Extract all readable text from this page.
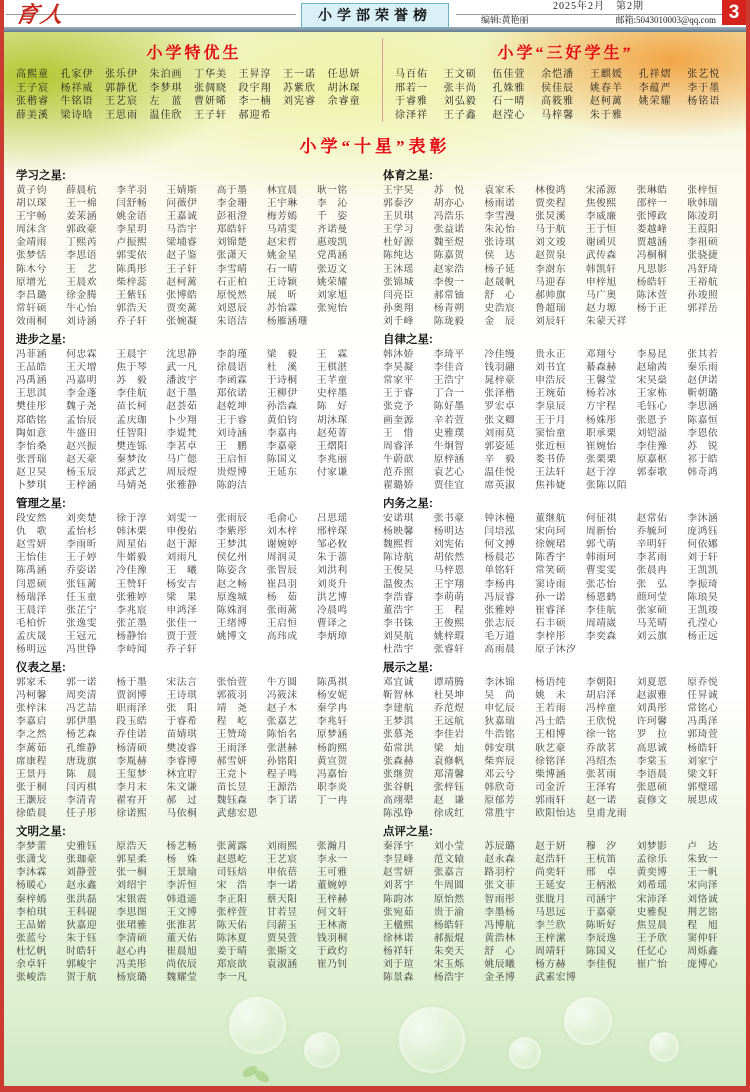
育人	小学部荣誉榜
2025年2月　第2期
编辑:黄艳丽	邮箱:5043010003@qq.com 3
小学特优生
高熙童	孔家伊	张乐伊	朱泊画	丁华美	王昇淳	王一诺	任思妍
王子宸	杨祥威	郭静优	李梦琪	张倜晓	段宇翔	苏紫欣	胡沐琛
张楷睿	牛铭语	王艺宸	左　蓝	曹妍晞	李一楠	刘宪睿	余睿童
薛美溪	梁诗晗	王思雨	温佳欣	王子轩	郝迎希
小学“三好学生”
马百佑	王文硕	伍佳萱	余恺潘	王麒媛	孔祥熠	张艺悦
邢若一	张丰尚	孔姝雅	侯佳辰	姚春羊	李蕴严	李于墨
于睿雅	刘弘毅	石一晴	高筱雅	赵柯蓠	姚荣耀	杨铭语
徐泽祥	王子鑫	赵滢心	马梓馨	朱于雅
小学“十星”表彰
学习之星:
黄子钧	薛晨杭	李芊羽	王婧斯	高于墨	林宜晨	耿一铭
胡以琛	王一棉	闫舒畅	问薇伊	李金珊	王宇琳	李　沁
王宇畅	姜茉涵	姚金语	王嘉诚	彭祖澄	梅芳嫣	千　姿
周沫含	郭政豪	李星玥	马浩宇	郑皓轩	马靖雯	齐诺曼
金靖雨	丁熙芮	卢振熙	梁埔睿	刘锦楚	赵宋哲	惠竣凯
张梦恬	李思语	郭雯依	赵子鉴	张潇天	姚金星	党禹涵
陈木兮	王　艺	陈禹彤	王子轩	李雪晴	石一晴	张迈文
原增光	王晨欢	柴梓蕊	赵柯蓠	石正柏	王诗颖	姚荣耀
李昌璐	徐金腾	王紫钰	张博皓	原悦然	展　昕	刘家旭
常轩硕	牛心怡	郭浩天	贾奕蓠	刘恩辰	苏怡霖	张宛怡
效雨桐	刘诗涵	乔子轩	张婉凝	朱语洁	杨雁涵珊
进步之星:
冯菲涵	何忠霖	王晨宇	沈思静	李韵瑾	梁　毅	王　霖
王品皓	王天增	焦于琴	武一凡	徐晨语	杜　溪	王棋湛
冯禹涵	冯嘉明	苏　毅	潘波宇	李函霖	于诗桐	王芊童
王思淇	李金蓬	李佳航	赵于墨	郑依诺	王柳伊	史梓墨
樊佳彤	魏子尧	苗长柯	赵荟茹	赵乾坤	孙浩森	陈　好
郑皓铭	孟怡辰	孟庆珈	卜少翔	王于睿	黄伯钧	胡沐琛
陶如意	牛盛田	任智阳	李媞梵	刘诗涵	李嘉冉	赵苑菁
李怡桑	赵兴振	樊连铄	李茗卓	王　鹏	李嘉豪	王熠阳
张晋瑞	赵天豪	秦梦汝	马广偲	王启恒	陈国义	李兆丽
赵卫昊	杨玉辰	郑武艺	周辰煜	贵煜博	王延东	付家谦
卜梦琪	王梓涵	马婧尧	张雅静	陈韵洁
管理之星:
段安然	刘奕楚	徐于淳	刘雯一	张雨辰	毛俞心	吕思瑶
仇　歌	孟怡杉	韩沐栗	申俊佑	李紫彤	刘木梓	邢梓琛
赵雪妍	李雨昕	周星佑	赵于源	王梦淇	谢婉婷	邹必攸
王怡佳	王子婷	牛婼毅	刘雨凡	侯亿州	周润灵	朱于蔷
陈禹涵	乔姿诺	冷佳豫	王　曦	陈姿含	张智辰	刘洪利
闫恩硕	张钰蓠	王赞轩	杨安吉	赵之畅	崔昌羽	刘炎升
杨瑞泽	任玉童	张雅婷	梁　果	原逸城	杨　茹	洪艺博
王晨洋	张芷宁	李兆宸	申鸿泽	陈姝润	张雨蓠	冷晨鸣
毛柏忻	张逸雯	张芷墨	张佳一	王绪博	王启恒	曹译之
孟庆晟	王冠元	杨静怡	贾于萱	姚博文	高玮成	李炳璋
杨明远	冯世铮	李峙闻	乔子轩
仪表之星:
郭家禾	郭一诺	杨于墨	宋法言	张怡萱	牛方圆	陈禹祺
冯柯馨	周奕清	贾润博	王诗琪	郭筱羽	冯筱沫	杨安妮
张梓沫	冯艺喆	职雨泽	张　阳	靖　尧	赵子木	秦学冉
李嘉启	郭伊墨	段玉皓	于睿希	程　屹	张嘉艺	李兆轩
李之然	杨艺森	乔佳诺	苗婧琪	王赞琦	陈怡名	原梦涵
李蓠茹	孔维静	杨清硕	樊凌睿	王雨泽	张湛赫	杨韵熙
席康程	唐珑旗	李胤赫	李睿博	郝雪妍	孙铭阳	黄宣贺
王景丹	陈　晨	王玺梦	林宜聍	王竞卜	程子鸣	冯嘉怡
张于桐	闫丙棋	李月末	朱文谦	苗长昱	王源浩	职李炎
王灏辰	李清青	翟宥开	郝　过	魏钰森	李丁诺	丁一冉
徐皓晨	任子彤	徐诺熙	马依桐	武慈宏恩
文明之星:
李梦蕾	史雅钰	原浩天	杨艺畅	张蓠露	刘雨熙	张瀚月
张潇戈	张珈豪	郭星柔	杨　姝	赵恩屹	王艺宸	李永一
李沐霖	刘静萱	张一桐	王景瑜	司钰焙	申依蓓	王可雅
杨暖心	赵永鑫	刘绍宇	李沂恒	宋　浩	李一诺	董婉婷
秦梓嫣	张洪磊	宋银震	韩逍遥	李正阳	蔡天阳	王梓赫
李柏琪	王科砚	李思图	王文博	张梓萱	甘若昱	何文轩
王品婼	狄嘉迎	张珺雅	张淮茗	陈天佑	闫薪玉	王林斋
张蓝兮	朱于钰	李清硕	董天佑	陈沐夏	贾昊萱	钱羽桐
杜忆帆	时皓轩	赵心冉	崔晨旭	姜于晴	张斯文	于政灼
余卓轩	郭峻宇	冯美彤	尚依辰	郑宸歆	袁淑涵	崔乃钊
张峻浩	贺于航	杨宸璐	魏耀莹	李一凡
体育之星:
王宇昊	苏　悦	袁家禾	林俊鸿	宋浠源	张琳皓	张梓恒
郭泰汐	胡亦心	杨雨诺	贾奕程	焦俊熙	邵梓一	耿韩瑞
王贝琪	冯浩乐	李雪漫	张炅溪	李威廉	张博政	陈凌玥
王学习	张益诺	朱沁怡	马于航	王于恒	娄越峰	王葭阳
杜好源	魏至煜	张诗琪	刘文竣	谢函贝	贾越涵	李祖硕
陈纯达	陈嘉贺	侯　达	赵贺泉	武传森	冯桐桐	张骁捷
王沐瑶	赵家浩	杨子延	李澍东	韩凯轩	凡思影	冯舒琦
张锦城	李俊一	赵晟帆	马迎春	申梓旭	杨皓轩	王裕航
闫亮臣	郝常铀	舒　心	郝帅旗	马广奥	陈沐萱	孙竣照
孙奥翔	杨青朔	史浩宸	鲁超瑞	赵力塬	杨于正	郭祥岳
刘千峰	陈珑毅	金　辰	刘辰轩	朱蒙天祥
自律之星:
韩沐娇	李琦平	冷佳缦	贵永正	邓翔兮	李易昆	张其若
李昊凝	李佳音	钱羽翮	刘书宜	綦森赫	赵瑜茜	秦乐雨
常家平	王浩宁	晁梓豪	申浩辰	王馨莹	宋昊燊	赵伊诺
王于睿	丁合一	张泽楷	王琬茹	杨若冰	王家栋	靳朝璐
张竞予	陈好墨	罗宏卓	李泉辰	方宇程	毛钰心	李思涵
画奎源	辛若萱	张文卿	王于月	杨姝彤	张恩予	陈嘉恒
王　惜	史雅璞	刘雨莫	窦怡童	职承栗	刘铠溢	李恩依
周睿泽	牛炯智	郭姿延	张近桓	崔婉怡	李佳豫	苏　锐
牛蔚歆	原梓涵	辛　毅	娄书侨	张栗栗	原嘉枢	祁于皓
范乔照	袁艺心	温佳悦	王法轩	赵于淳	郭泰歌	韩奇鸿
翟璐娇	贾佳宜	席英淑	焦祎婕	张陈以陌
内务之星:
安诺琪	张书豪	钟沐橦	董继航	何征祺	赵常佑	李沐涵
杨映馨	杨明达	闫培泓	宋向珂	周新怡	乔毓珂	庞鸿钰
魏熙哲	刘宪佑	何文搏	徐婉珺	郭弋萌	辛明轩	何依娜
陈诗航	胡依然	杨晨芯	陈香宇	韩雨珂	李茗雨	刘于轩
王俊昊	马梓恩	单铭轩	常笑硕	曹雯雯	张晨冉	王凯凯
温俊杰	王宇翔	李杨冉	窦诗雨	张芯怡	张　弘	李振琦
李浩睿	李萌萌	冯辰睿	孙一诺	杨恩鹤	蔄珂莹	陈琅昊
董浩宇	王　程	张雅婷	崔睿泽	李佳航	张家硕	王凯竣
李书铢	王俊熙	张志辰	石丰硕	周靖崴	马芜晴	孔滢心
刘昊航	姚梓瑕	毛万道	李梓彤	李奕森	刘云旗	杨正远
杜浩宇	张睿轩	高雨晨	原子沐汐
展示之星:
邓宜诚	谭靖腾	李沐锦	杨语纯	李朝阳	刘夏恩	原乔悦
靳智林	杜昊坤	吴　尚	姚　未	胡启泽	赵淑雅	任昇诚
李建航	乔范煜	申忆辰	王若雨	冯梓童	刘禹彤	常铭心
王梦淇	王远航	狄嘉瑞	冯士皓	王欣悦	许珂馨	冯禹泽
张慕尧	李佳岩	牛浩铭	王相博	徐一铭	罗　拉	郭琦萱
茹常洪	梁　灿	韩安琪	耿艺豪	乔歆茗	高思诚	杨皓轩
张森赫	袁修帆	柴弈辰	徐铭泽	冯绍杰	李棠玉	刘家宁
张继贺	郑清馨	邓云兮	柴博涵	张茗雨	李语晨	梁文轩
张谷帆	张梓钰	韩欣奇	司金沂	王泽宥	张恩硕	郭璧瑶
高翊翚	赵　谦	原郁芳	郭雨轩	赵一诺	袁修文	展思成
陈泓铮	徐成红	常胜宇	欧阳怡达 皇甫龙雨
点评之星:
秦泽宇	刘小莹	苏辰璐	赵于妍	穆　汐	刘梦影	卢　达
李昱峰	范文辕	赵永森	赵浩轩	王杭笛	孟徐乐	朱致一
赵雪妍	张嘉言	路羽柠	尚奕轩	邢　卓	黄奕博	王一帆
刘茗宇	牛周圆	张文菲	王延安	王柄淞	刘希瑶	宋向泽
陈韵冰	原怡然	智雨彤	张胧月	司涵宇	宋沛泽	刘恪诚
张宛茹	贵于渝	李墨杨	马思远	于嘉豪	史雅倪	荆艺铭
王楹熙	杨皓轩	冯博航	李兰欣	陈昕好	焦昱晨	程　旭
徐林诺	郝振焜	黄浩林	王梓潆	李辰逸	王予欣	窦仲轩
杨祥轩	朱奕天	舒　心	周靖轩	陈国义	任忆心	周烁鑫
刘于瑄	宋玉烁	姚辰曦	杨方赫	李佳倪	崔广怡	庞博心
陈景森	杨浩宇	金圣博	武素宏博
